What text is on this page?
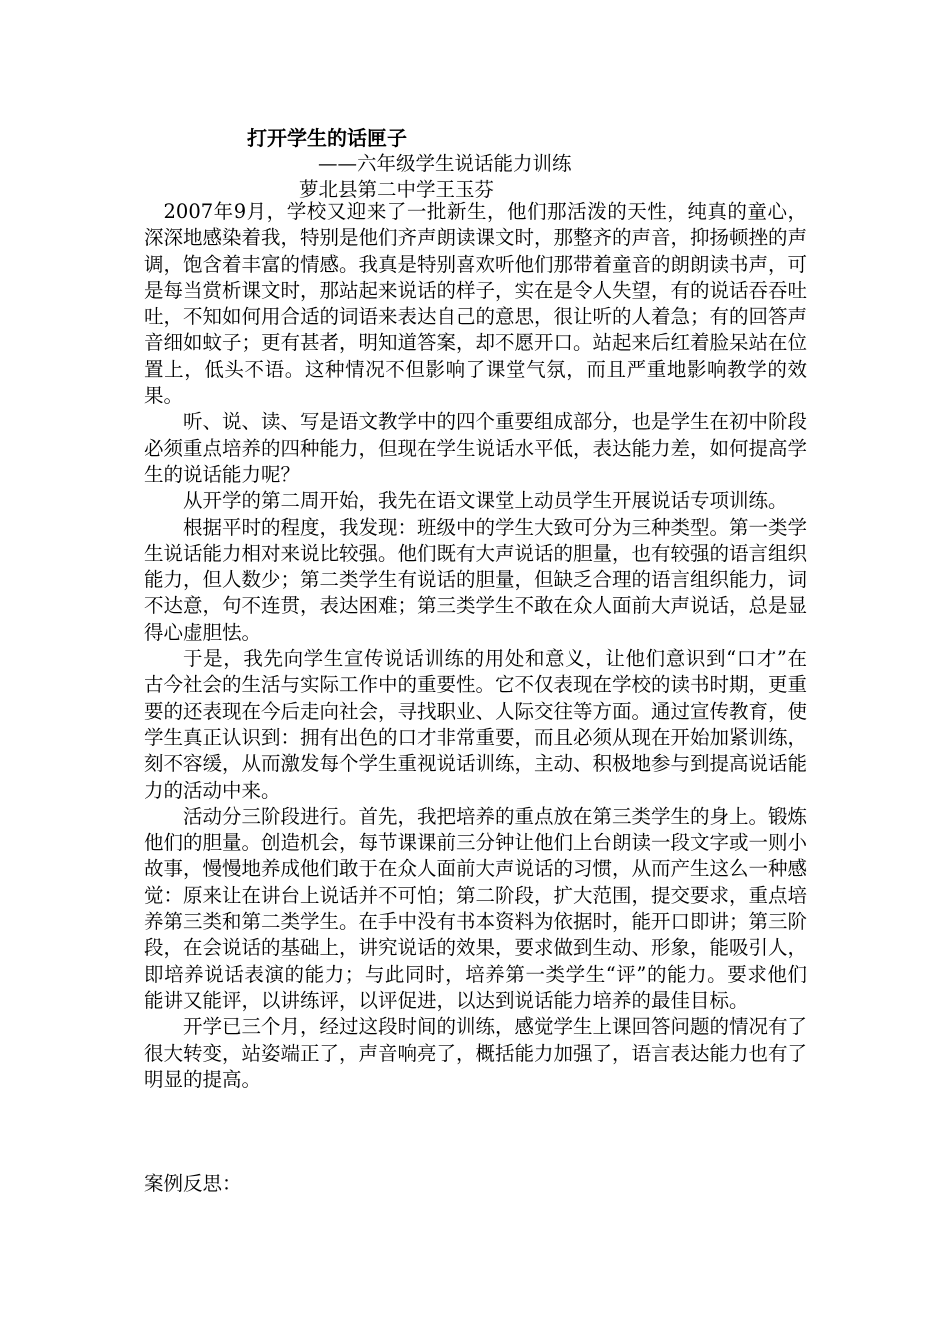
打开学生的话匣子
——六年级学生说话能力训练
萝北县第二中学王玉芬

2007年9月，学校又迎来了一批新生，他们那活泼的天性，纯真的童心，深深地感染着我，特别是他们齐声朗读课文时，那整齐的声音，抑扬顿挫的声调，饱含着丰富的情感。我真是特别喜欢听他们那带着童音的朗朗读书声，可是每当赏析课文时，那站起来说话的样子，实在是令人失望，有的说话吞吞吐吐，不知如何用合适的词语来表达自己的意思，很让听的人着急；有的回答声音细如蚊子；更有甚者，明知道答案，却不愿开口。站起来后红着脸呆站在位置上，低头不语。这种情况不但影响了课堂气氛，而且严重地影响教学的效果。

听、说、读、写是语文教学中的四个重要组成部分，也是学生在初中阶段必须重点培养的四种能力，但现在学生说话水平低，表达能力差，如何提高学生的说话能力呢？

从开学的第二周开始，我先在语文课堂上动员学生开展说话专项训练。

根据平时的程度，我发现：班级中的学生大致可分为三种类型。第一类学生说话能力相对来说比较强。他们既有大声说话的胆量，也有较强的语言组织能力，但人数少；第二类学生有说话的胆量，但缺乏合理的语言组织能力，词不达意，句不连贯，表达困难；第三类学生不敢在众人面前大声说话，总是显得心虚胆怯。

于是，我先向学生宣传说话训练的用处和意义，让他们意识到“口才”在古今社会的生活与实际工作中的重要性。它不仅表现在学校的读书时期，更重要的还表现在今后走向社会，寻找职业、人际交往等方面。通过宣传教育，使学生真正认识到：拥有出色的口才非常重要，而且必须从现在开始加紧训练，刻不容缓，从而激发每个学生重视说话训练，主动、积极地参与到提高说话能力的活动中来。

活动分三阶段进行。首先，我把培养的重点放在第三类学生的身上。锻炼他们的胆量。创造机会，每节课课前三分钟让他们上台朗读一段文字或一则小故事，慢慢地养成他们敢于在众人面前大声说话的习惯，从而产生这么一种感觉：原来让在讲台上说话并不可怕；第二阶段，扩大范围，提交要求，重点培养第三类和第二类学生。在手中没有书本资料为依据时，能开口即讲；第三阶段，在会说话的基础上，讲究说话的效果，要求做到生动、形象，能吸引人，即培养说话表演的能力；与此同时，培养第一类学生“评”的能力。要求他们能讲又能评，以讲练评，以评促进，以达到说话能力培养的最佳目标。

开学已三个月，经过这段时间的训练，感觉学生上课回答问题的情况有了很大转变，站姿端正了，声音响亮了，概括能力加强了，语言表达能力也有了明显的提高。

案例反思：
